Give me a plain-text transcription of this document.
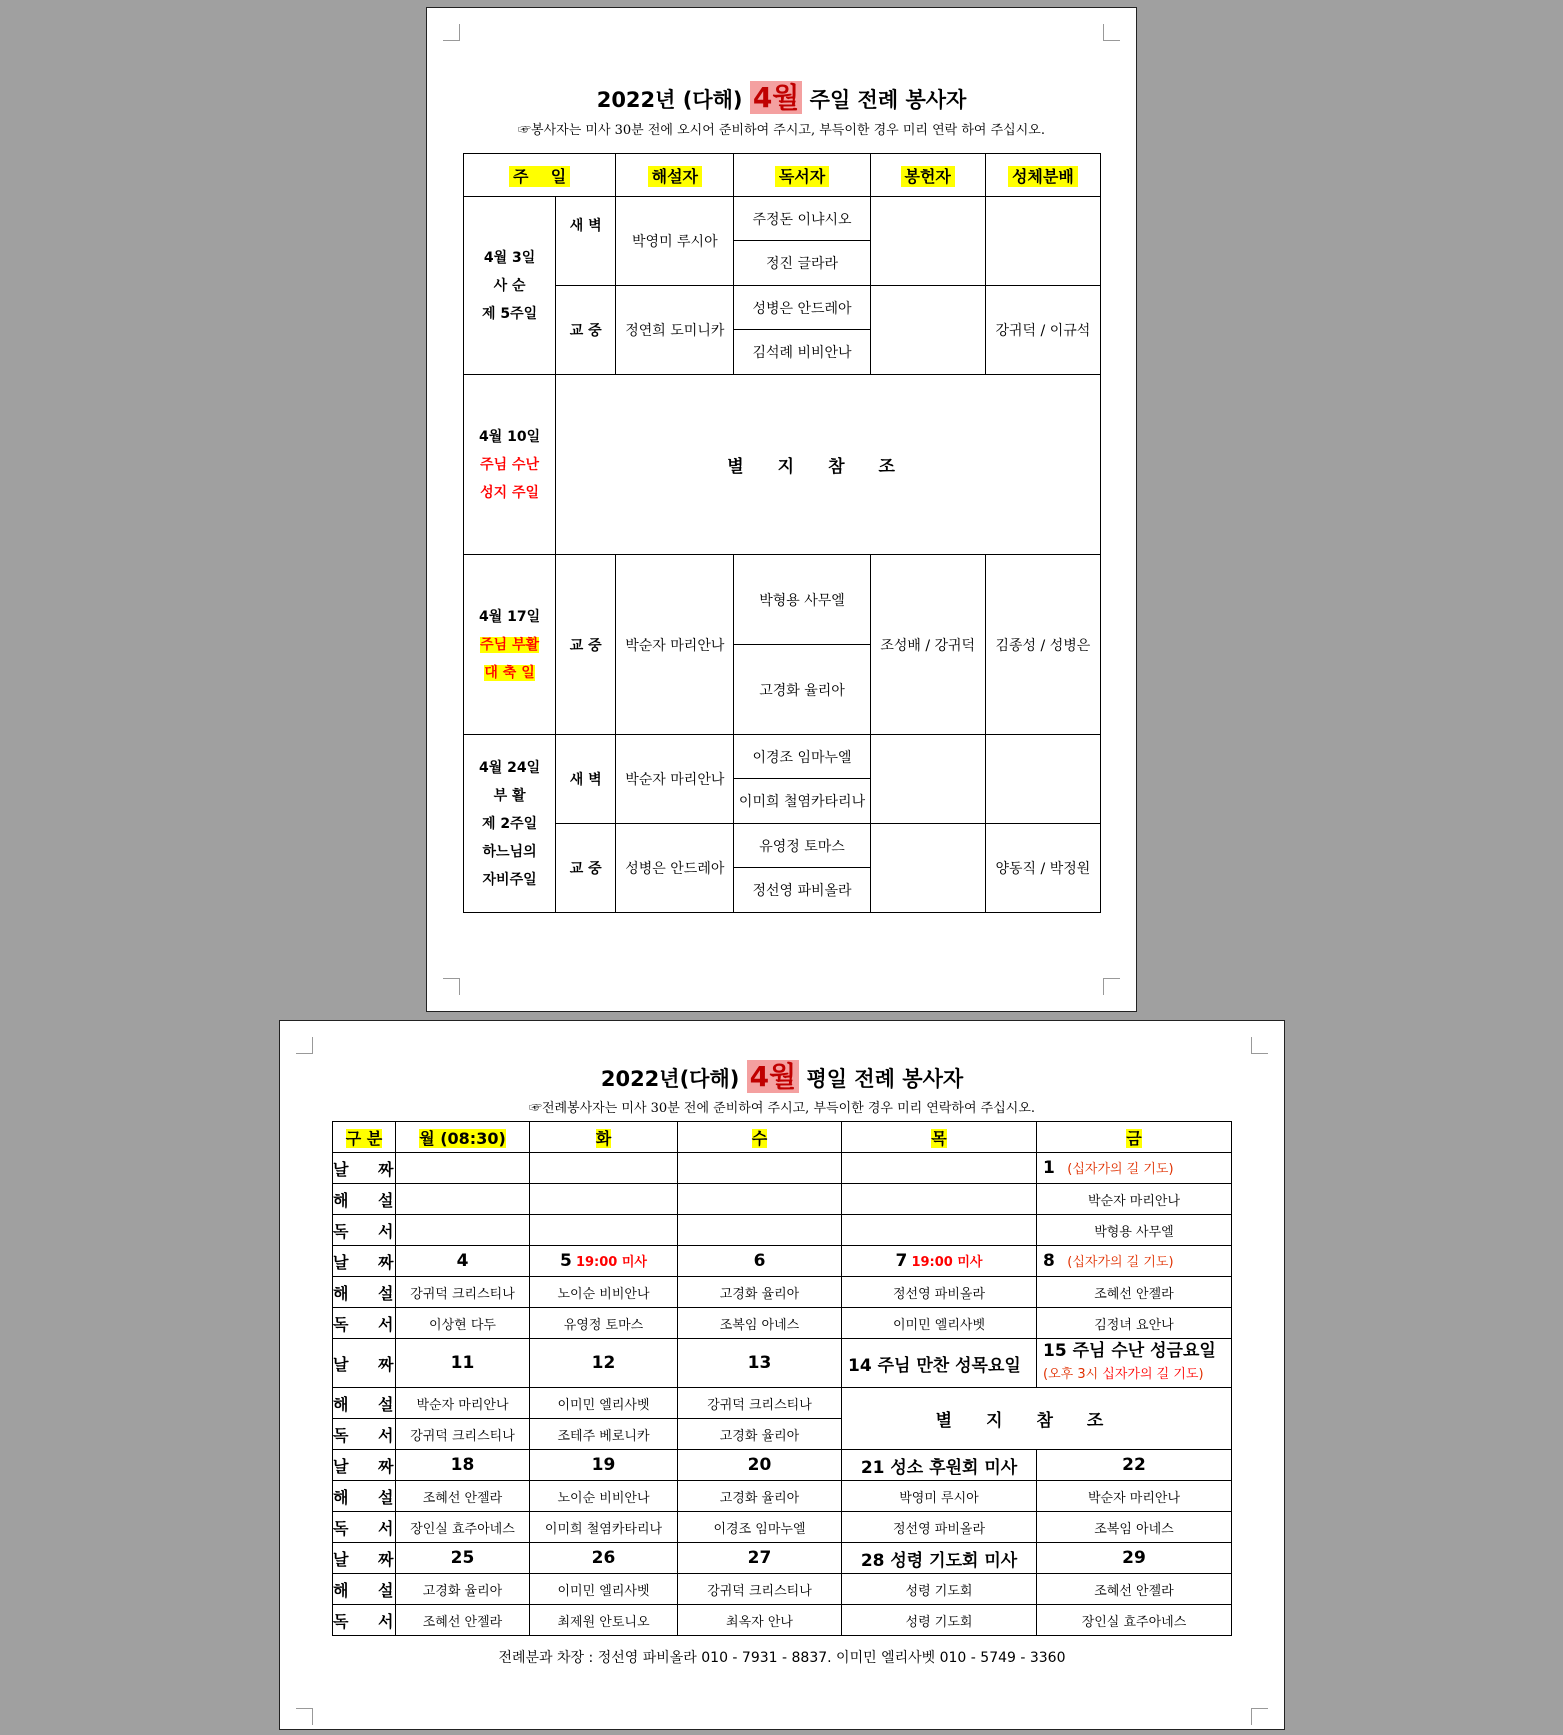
2022년 (다해) 4월 주일 전례 봉사자
☞봉사자는 미사 30분 전에 오시어 준비하여 주시고, 부득이한 경우 미리 연락 하여 주십시오.
주    일		해설자	독서자	봉헌자	성체분배

4월 3일
사 순
제 5주일	새 벽	박영미 루시아	주정돈 이냐시오		
			정진 글라라		
	교 중	정연희 도미니카	성병은 안드레아		강귀덕 / 이규석
			김석례 비비안나		

4월 10일
주님 수난
성지 주일	별지참조				

4월 17일
주님 부활
대 축 일	교 중	박순자 마리안나	박형용 사무엘	조성배 / 강귀덕	김종성 / 성병은
			고경화 율리아		

4월 24일
부 활
제 2주일
하느님의
자비주일	새 벽	박순자 마리안나	이경조 임마누엘		
			이미희 철염카타리나		
	교 중	성병은 안드레아	유영정 토마스		양동직 / 박정원
			정선영 파비올라		
2022년(다해) 4월 평일 전례 봉사자
☞전례봉사자는 미사 30분 전에 준비하여 주시고, 부득이한 경우 미리 연락하여 주십시오.
구 분	월 (08:30)	화	수	목	금
날 짜					1 (십자가의 길 기도)
해 설					박순자 마리안나
독 서					박형용 사무엘
날 짜	4	5 19:00 미사	6	7 19:00 미사	8 (십자가의 길 기도)
해 설	강귀덕 크리스티나	노이순 비비안나	고경화 율리아	정선영 파비올라	조혜선 안젤라
독 서	이상현 다두	유영정 토마스	조복임 아네스	이미민 엘리사벳	김정녀 요안나
날 짜	11	12	13	14 주님 만찬 성목요일	15 주님 수난 성금요일
(오후 3시 십자가의 길 기도)

해 설	박순자 마리안나	이미민 엘리사벳	강귀덕 크리스티나	별지참조	
독 서	강귀덕 크리스티나	조테주 베로니카	고경화 율리아		
날 짜	18	19	20	21 성소 후원회 미사	22
해 설	조혜선 안젤라	노이순 비비안나	고경화 율리아	박영미 루시아	박순자 마리안나
독 서	장인실 효주아네스	이미희 철염카타리나	이경조 임마누엘	정선영 파비올라	조복임 아네스
날 짜	25	26	27	28 성령 기도회 미사	29
해 설	고경화 율리아	이미민 엘리사벳	강귀덕 크리스티나	성령 기도회	조혜선 안젤라
독 서	조혜선 안젤라	최제원 안토니오	최옥자 안나	성령 기도회	장인실 효주아네스
전례분과 차장 : 정선영 파비올라 010 - 7931 - 8837. 이미민 엘리사벳 010 - 5749 - 3360
